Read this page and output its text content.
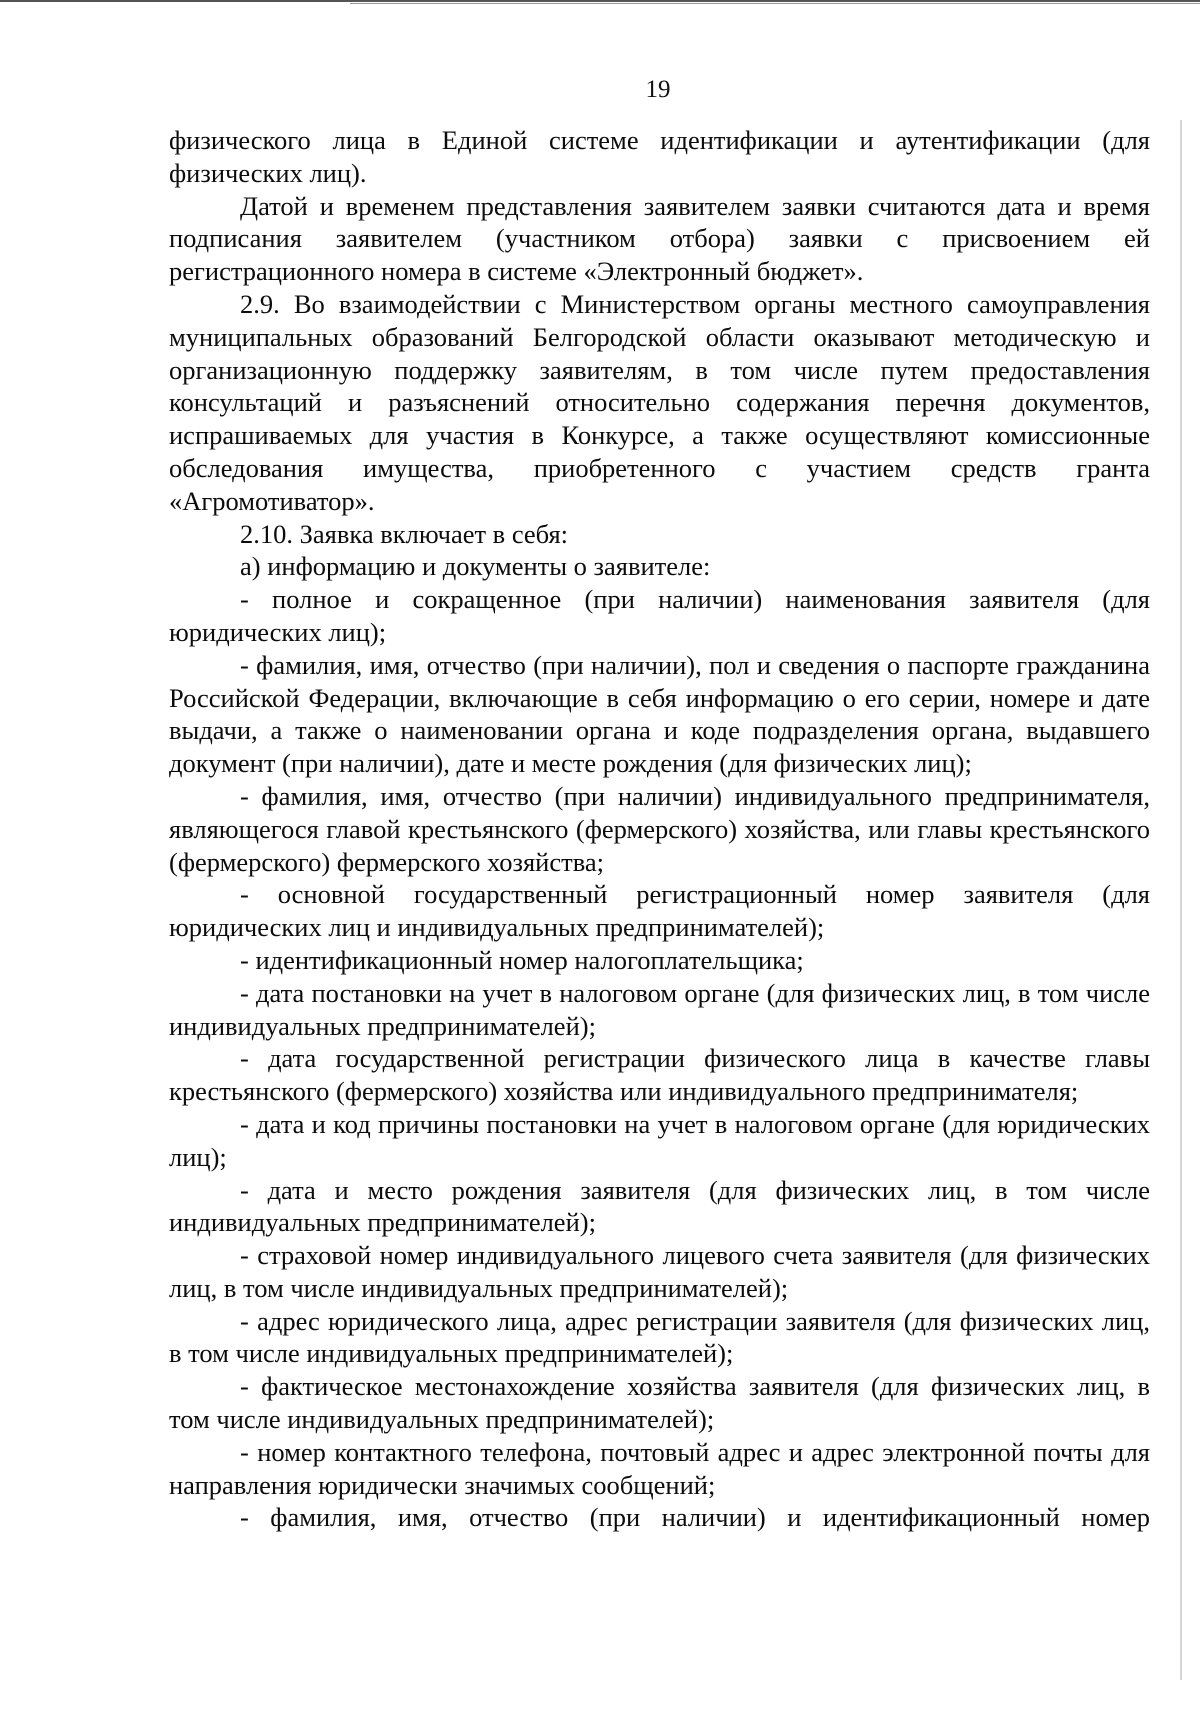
19

физического лица в Единой системе идентификации и аутентификации (для физических лиц).

Датой и временем представления заявителем заявки считаются дата и время подписания заявителем (участником отбора) заявки с присвоением ей регистрационного номера в системе «Электронный бюджет».

2.9. Во взаимодействии с Министерством органы местного самоуправления муниципальных образований Белгородской области оказывают методическую и организационную поддержку заявителям, в том числе путем предоставления консультаций и разъяснений относительно содержания перечня документов, испрашиваемых для участия в Конкурсе, а также осуществляют комиссионные обследования имущества, приобретенного с участием средств гранта «Агромотиватор».

2.10. Заявка включает в себя:

а) информацию и документы о заявителе:

- полное и сокращенное (при наличии) наименования заявителя (для юридических лиц);

- фамилия, имя, отчество (при наличии), пол и сведения о паспорте гражданина Российской Федерации, включающие в себя информацию о его серии, номере и дате выдачи, а также о наименовании органа и коде подразделения органа, выдавшего документ (при наличии), дате и месте рождения (для физических лиц);

- фамилия, имя, отчество (при наличии) индивидуального предпринимателя, являющегося главой крестьянского (фермерского) хозяйства, или главы крестьянского (фермерского) фермерского хозяйства;

- основной государственный регистрационный номер заявителя (для юридических лиц и индивидуальных предпринимателей);

- идентификационный номер налогоплательщика;

- дата постановки на учет в налоговом органе (для физических лиц, в том числе индивидуальных предпринимателей);

- дата государственной регистрации физического лица в качестве главы крестьянского (фермерского) хозяйства или индивидуального предпринимателя;

- дата и код причины постановки на учет в налоговом органе (для юридических лиц);

- дата и место рождения заявителя (для физических лиц, в том числе индивидуальных предпринимателей);

- страховой номер индивидуального лицевого счета заявителя (для физических лиц, в том числе индивидуальных предпринимателей);

- адрес юридического лица, адрес регистрации заявителя (для физических лиц, в том числе индивидуальных предпринимателей);

- фактическое местонахождение хозяйства заявителя (для физических лиц, в том числе индивидуальных предпринимателей);

- номер контактного телефона, почтовый адрес и адрес электронной почты для направления юридически значимых сообщений;

- фамилия, имя, отчество (при наличии) и идентификационный номер
